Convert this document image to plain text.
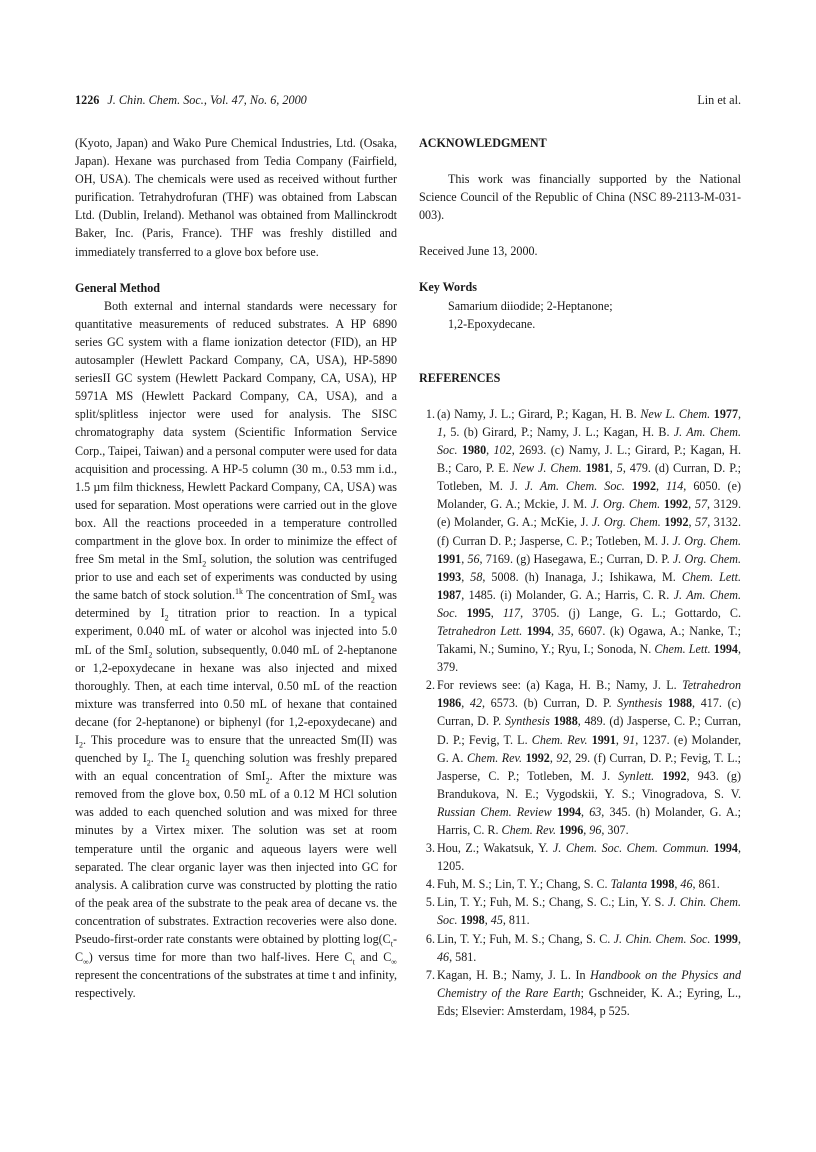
1226 J. Chin. Chem. Soc., Vol. 47, No. 6, 2000	Lin et al.

(Kyoto, Japan) and Wako Pure Chemical Industries, Ltd. (Osaka, Japan). Hexane was purchased from Tedia Company (Fairfield, OH, USA). The chemicals were used as received without further purification. Tetrahydrofuran (THF) was obtained from Labscan Ltd. (Dublin, Ireland). Methanol was obtained from Mallinckrodt Baker, Inc. (Paris, France). THF was freshly distilled and immediately transferred to a glove box before use.

General Method

Both external and internal standards were necessary for quantitative measurements of reduced substrates. A HP 6890 series GC system with a flame ionization detector (FID), an HP autosampler (Hewlett Packard Company, CA, USA), HP-5890 seriesII GC system (Hewlett Packard Company, CA, USA), HP 5971A MS (Hewlett Packard Company, CA, USA), and a split/splitless injector were used for analysis. The SISC chromatography data system (Scientific Information Service Corp., Taipei, Taiwan) and a personal computer were used for data acquisition and processing. A HP-5 column (30 m., 0.53 mm i.d., 1.5 µm film thickness, Hewlett Packard Company, CA, USA) was used for separation. Most operations were carried out in the glove box. All the reactions proceeded in a temperature controlled compartment in the glove box. In order to minimize the effect of free Sm metal in the SmI$_2$ solution, the solution was centrifuged prior to use and each set of experiments was conducted by using the same batch of stock solution.$^{1k}$ The concentration of SmI$_2$ was determined by $I_2$ titration prior to reaction. In a typical experiment, 0.040 mL of water or alcohol was injected into 5.0 mL of the SmI$_2$ solution, subsequently, 0.040 mL of 2-heptanone or 1,2-epoxydecane in hexane was also injected and mixed thoroughly. Then, at each time interval, 0.50 mL of the reaction mixture was transferred into 0.50 mL of hexane that contained decane (for 2-heptanone) or biphenyl (for 1,2-epoxydecane) and $I_2$. This procedure was to ensure that the unreacted Sm(II) was quenched by $I_2$. The $I_2$ quenching solution was freshly prepared with an equal concentration of SmI$_2$. After the mixture was removed from the glove box, 0.50 mL of a 0.12 M HCl solution was added to each quenched solution and was mixed for three minutes by a Virtex mixer. The solution was set at room temperature until the organic and aqueous layers were well separated. The clear organic layer was then injected into GC for analysis. A calibration curve was constructed by plotting the ratio of the peak area of the substrate to the peak area of decane vs. the concentration of substrates. Extraction recoveries were also done. Pseudo-first-order rate constants were obtained by plotting $\log(C_t-C_\infty)$ versus time for more than two half-lives. Here $C_t$ and $C_\infty$ represent the concentrations of the substrates at time t and infinity, respectively.

ACKNOWLEDGMENT

This work was financially supported by the National Science Council of the Republic of China (NSC 89-2113-M-031-003).

Received June 13, 2000.

Key Words

Samarium diiodide; 2-Heptanone;

1,2-Epoxydecane.

REFERENCES

1. (a) Namy, J. L.; Girard, P.; Kagan, H. B. New L. Chem. 1977, 1, 5. (b) Girard, P.; Namy, J. L.; Kagan, H. B. J. Am. Chem. Soc. 1980, 102, 2693. (c) Namy, J. L.; Girard, P.; Kagan, H. B.; Caro, P. E. New J. Chem. 1981, 5, 479. (d) Curran, D. P.; Totleben, M. J. J. Am. Chem. Soc. 1992, 114, 6050. (e) Molander, G. A.; Mckie, J. M. J. Org. Chem. 1992, 57, 3129. (e) Molander, G. A.; McKie, J. J. Org. Chem. 1992, 57, 3132. (f) Curran D. P.; Jasperse, C. P.; Totleben, M. J. J. Org. Chem. 1991, 56, 7169. (g) Hasegawa, E.; Curran, D. P. J. Org. Chem. 1993, 58, 5008. (h) Inanaga, J.; Ishikawa, M. Chem. Lett. 1987, 1485. (i) Molander, G. A.; Harris, C. R. J. Am. Chem. Soc. 1995, 117, 3705. (j) Lange, G. L.; Gottardo, C. Tetrahedron Lett. 1994, 35, 6607. (k) Ogawa, A.; Nanke, T.; Takami, N.; Sumino, Y.; Ryu, I.; Sonoda, N. Chem. Lett. 1994, 379.
2. For reviews see: (a) Kaga, H. B.; Namy, J. L. Tetrahedron 1986, 42, 6573. (b) Curran, D. P. Synthesis 1988, 417. (c) Curran, D. P. Synthesis 1988, 489. (d) Jasperse, C. P.; Curran, D. P.; Fevig, T. L. Chem. Rev. 1991, 91, 1237. (e) Molander, G. A. Chem. Rev. 1992, 92, 29. (f) Curran, D. P.; Fevig, T. L.; Jasperse, C. P.; Totleben, M. J. Synlett. 1992, 943. (g) Brandukova, N. E.; Vygodskii, Y. S.; Vinogradova, S. V. Russian Chem. Review 1994, 63, 345. (h) Molander, G. A.; Harris, C. R. Chem. Rev. 1996, 96, 307.
3. Hou, Z.; Wakatsuk, Y. J. Chem. Soc. Chem. Commun. 1994, 1205.
4. Fuh, M. S.; Lin, T. Y.; Chang, S. C. Talanta 1998, 46, 861.
5. Lin, T. Y.; Fuh, M. S.; Chang, S. C.; Lin, Y. S. J. Chin. Chem. Soc. 1998, 45, 811.
6. Lin, T. Y.; Fuh, M. S.; Chang, S. C. J. Chin. Chem. Soc. 1999, 46, 581.
7. Kagan, H. B.; Namy, J. L. In Handbook on the Physics and Chemistry of the Rare Earth; Gschneider, K. A.; Eyring, L., Eds; Elsevier: Amsterdam, 1984, p 525.
